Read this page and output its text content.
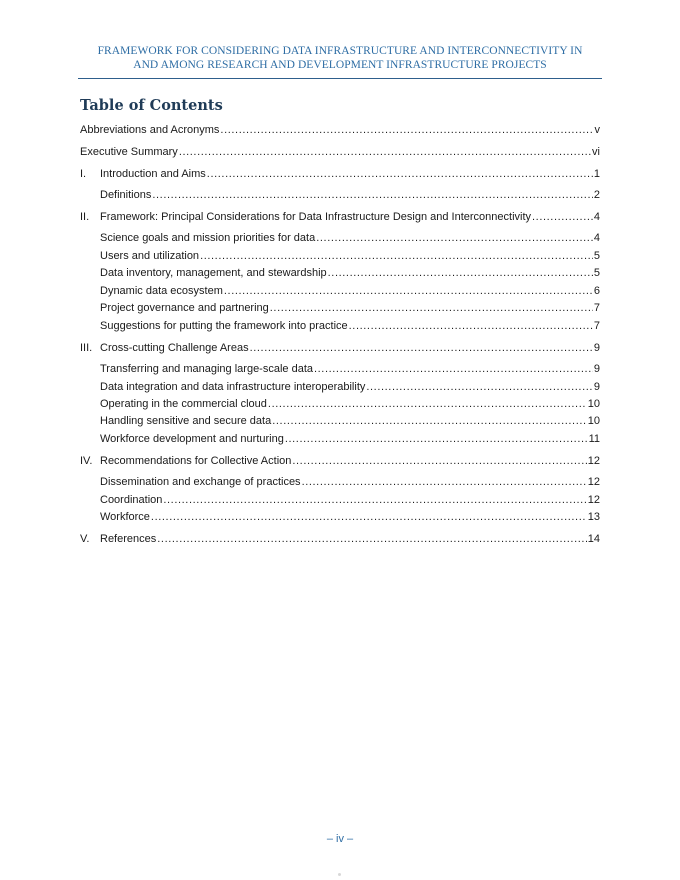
FRAMEWORK FOR CONSIDERING DATA INFRASTRUCTURE AND INTERCONNECTIVITY IN
AND AMONG RESEARCH AND DEVELOPMENT INFRASTRUCTURE PROJECTS
Table of Contents
Abbreviations and Acronyms .....	v
Executive Summary .....	vi
I.	Introduction and Aims .....	1
Definitions .....	2
II. Framework: Principal Considerations for Data Infrastructure Design and Interconnectivity .....	4
Science goals and mission priorities for data .....	4
Users and utilization .....	5
Data inventory, management, and stewardship .....	5
Dynamic data ecosystem .....	6
Project governance and partnering .....	7
Suggestions for putting the framework into practice .....	7
III. Cross-cutting Challenge Areas .....	9
Transferring and managing large-scale data .....	9
Data integration and data infrastructure interoperability .....	9
Operating in the commercial cloud .....	10
Handling sensitive and secure data .....	10
Workforce development and nurturing .....	11
IV. Recommendations for Collective Action .....	12
Dissemination and exchange of practices .....	12
Coordination .....	12
Workforce .....	13
V. References .....	14
– iv –
